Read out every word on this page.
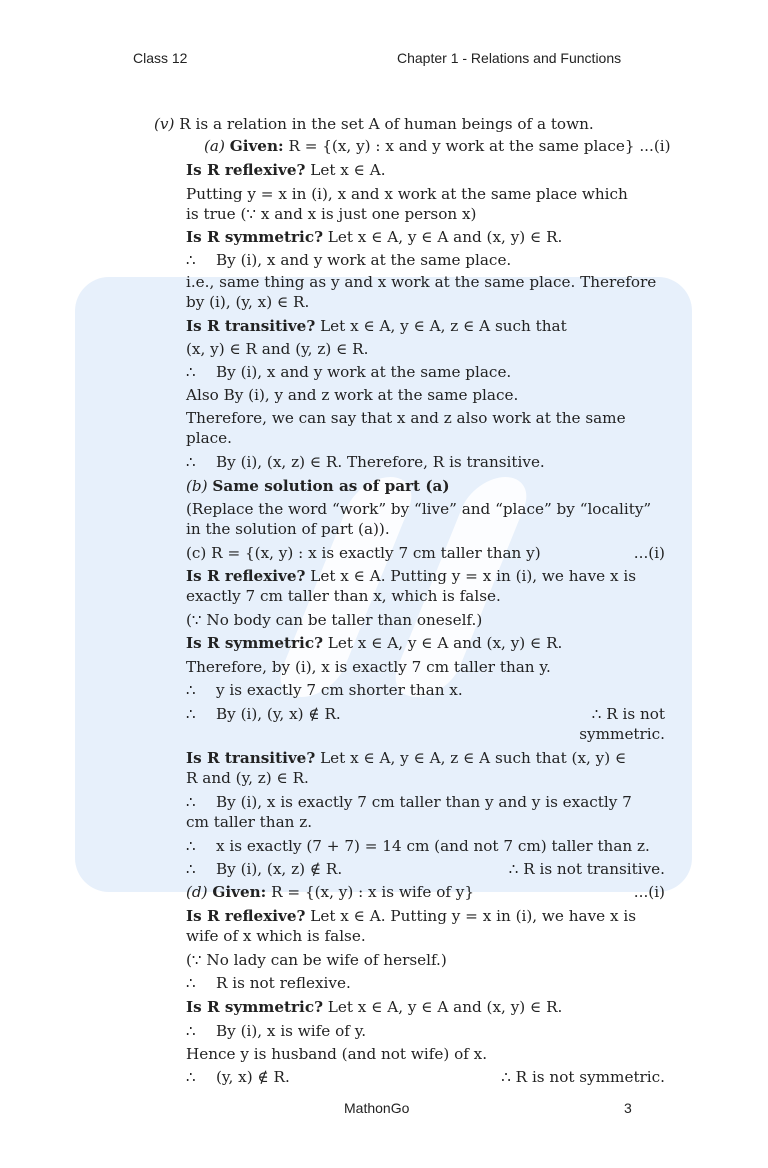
Class 12	Chapter 1 - Relations and Functions
(v) R is a relation in the set A of human beings of a town.
(a) Given: R = {(x, y) : x and y work at the same place} ...(i)
Is R reflexive? Let x ∈ A.
Putting y = x in (i), x and x work at the same place which
is true (∵ x and x is just one person x)
Is R symmetric? Let x ∈ A, y ∈ A and (x, y) ∈ R.
∴ By (i), x and y work at the same place.
i.e., same thing as y and x work at the same place. Therefore
by (i), (y, x) ∈ R.
Is R transitive? Let x ∈ A, y ∈ A, z ∈ A such that
(x, y) ∈ R and (y, z) ∈ R.
∴ By (i), x and y work at the same place.
Also By (i), y and z work at the same place.
Therefore, we can say that x and z also work at the same
place.
∴ By (i), (x, z) ∈ R. Therefore, R is transitive.
(b) Same solution as of part (a)
(Replace the word “work” by “live” and “place” by “locality”
in the solution of part (a)).
(c) R = {(x, y) : x is exactly 7 cm taller than y)	...(i)
Is R reflexive? Let x ∈ A. Putting y = x in (i), we have x is
exactly 7 cm taller than x, which is false.
(∵ No body can be taller than oneself.)
Is R symmetric? Let x ∈ A, y ∈ A and (x, y) ∈ R.
Therefore, by (i), x is exactly 7 cm taller than y.
∴ y is exactly 7 cm shorter than x.
∴ By (i), (y, x) ∉ R.	∴ R is not
symmetric.
Is R transitive? Let x ∈ A, y ∈ A, z ∈ A such that (x, y) ∈
R and (y, z) ∈ R.
∴ By (i), x is exactly 7 cm taller than y and y is exactly 7
cm taller than z.
∴ x is exactly (7 + 7) = 14 cm (and not 7 cm) taller than z.
∴ By (i), (x, z) ∉ R.	∴ R is not transitive.
(d) Given: R = {(x, y) : x is wife of y}	...(i)
Is R reflexive? Let x ∈ A. Putting y = x in (i), we have x is
wife of x which is false.
(∵ No lady can be wife of herself.)
∴ R is not reflexive.
Is R symmetric? Let x ∈ A, y ∈ A and (x, y) ∈ R.
∴ By (i), x is wife of y.
Hence y is husband (and not wife) of x.
∴ (y, x) ∉ R.	∴ R is not symmetric.
MathonGo	3
